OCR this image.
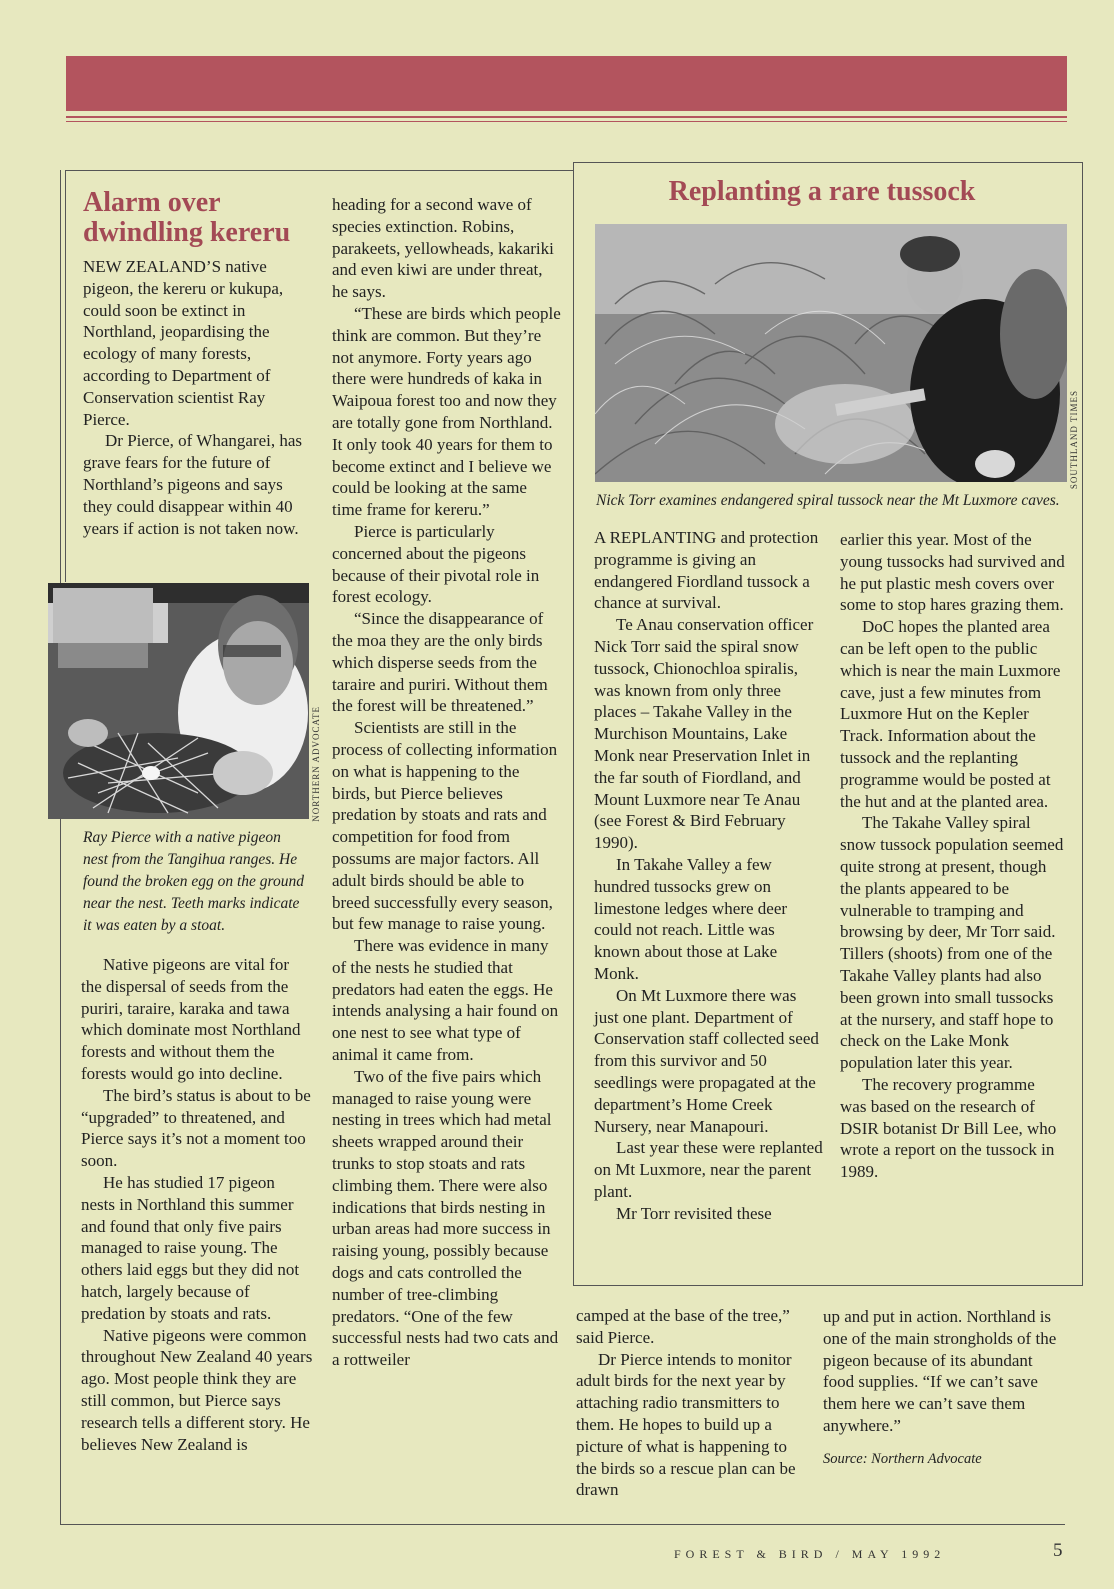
Alarm over dwindling kereru

NEW ZEALAND’S native pigeon, the kereru or kukupa, could soon be extinct in Northland, jeopardising the ecology of many forests, according to Department of Conservation scientist Ray Pierce.

Dr Pierce, of Whangarei, has grave fears for the future of Northland’s pigeons and says they could disappear within 40 years if action is not taken now.

NORTHERN ADVOCATE
Ray Pierce with a native pigeon nest from the Tangihua ranges. He found the broken egg on the ground near the nest. Teeth marks indicate it was eaten by a stoat.

Native pigeons are vital for the dispersal of seeds from the puriri, taraire, karaka and tawa which dominate most Northland forests and without them the forests would go into decline.

The bird’s status is about to be “upgraded” to threatened, and Pierce says it’s not a moment too soon.

He has studied 17 pigeon nests in Northland this summer and found that only five pairs managed to raise young. The others laid eggs but they did not hatch, largely because of predation by stoats and rats.

Native pigeons were common throughout New Zealand 40 years ago. Most people think they are still common, but Pierce says research tells a different story. He believes New Zealand is

heading for a second wave of species extinction. Robins, parakeets, yellowheads, kakariki and even kiwi are under threat, he says.

“These are birds which people think are common. But they’re not anymore. Forty years ago there were hundreds of kaka in Waipoua forest too and now they are totally gone from Northland. It only took 40 years for them to become extinct and I believe we could be looking at the same time frame for kereru.”

Pierce is particularly concerned about the pigeons because of their pivotal role in forest ecology.

“Since the disappearance of the moa they are the only birds which disperse seeds from the taraire and puriri. Without them the forest will be threatened.”

Scientists are still in the process of collecting information on what is happening to the birds, but Pierce believes predation by stoats and rats and competition for food from possums are major factors. All adult birds should be able to breed successfully every season, but few manage to raise young.

There was evidence in many of the nests he studied that predators had eaten the eggs. He intends analysing a hair found on one nest to see what type of animal it came from.

Two of the five pairs which managed to raise young were nesting in trees which had metal sheets wrapped around their trunks to stop stoats and rats climbing them. There were also indications that birds nesting in urban areas had more success in raising young, possibly because dogs and cats controlled the number of tree-climbing predators. “One of the few successful nests had two cats and a rottweiler

Replanting a rare tussock
SOUTHLAND TIMES
Nick Torr examines endangered spiral tussock near the Mt Luxmore caves.

A REPLANTING and protection programme is giving an endangered Fiordland tussock a chance at survival.

Te Anau conservation officer Nick Torr said the spiral snow tussock, Chionochloa spiralis, was known from only three places – Takahe Valley in the Murchison Mountains, Lake Monk near Preservation Inlet in the far south of Fiordland, and Mount Luxmore near Te Anau (see Forest & Bird February 1990).

In Takahe Valley a few hundred tussocks grew on limestone ledges where deer could not reach. Little was known about those at Lake Monk.

On Mt Luxmore there was just one plant. Department of Conservation staff collected seed from this survivor and 50 seedlings were propagated at the department’s Home Creek Nursery, near Manapouri.

Last year these were replanted on Mt Luxmore, near the parent plant.

Mr Torr revisited these

earlier this year. Most of the young tussocks had survived and he put plastic mesh covers over some to stop hares grazing them.

DoC hopes the planted area can be left open to the public which is near the main Luxmore cave, just a few minutes from Luxmore Hut on the Kepler Track. Information about the tussock and the replanting programme would be posted at the hut and at the planted area.

The Takahe Valley spiral snow tussock population seemed quite strong at present, though the plants appeared to be vulnerable to tramping and browsing by deer, Mr Torr said. Tillers (shoots) from one of the Takahe Valley plants had also been grown into small tussocks at the nursery, and staff hope to check on the Lake Monk population later this year.

The recovery programme was based on the research of DSIR botanist Dr Bill Lee, who wrote a report on the tussock in 1989.

camped at the base of the tree,” said Pierce.

Dr Pierce intends to monitor adult birds for the next year by attaching radio transmitters to them. He hopes to build up a picture of what is happening to the birds so a rescue plan can be drawn

up and put in action. Northland is one of the main strongholds of the pigeon because of its abundant food supplies. “If we can’t save them here we can’t save them anywhere.”

Source: Northern Advocate

FOREST & BIRD / MAY 1992	5
